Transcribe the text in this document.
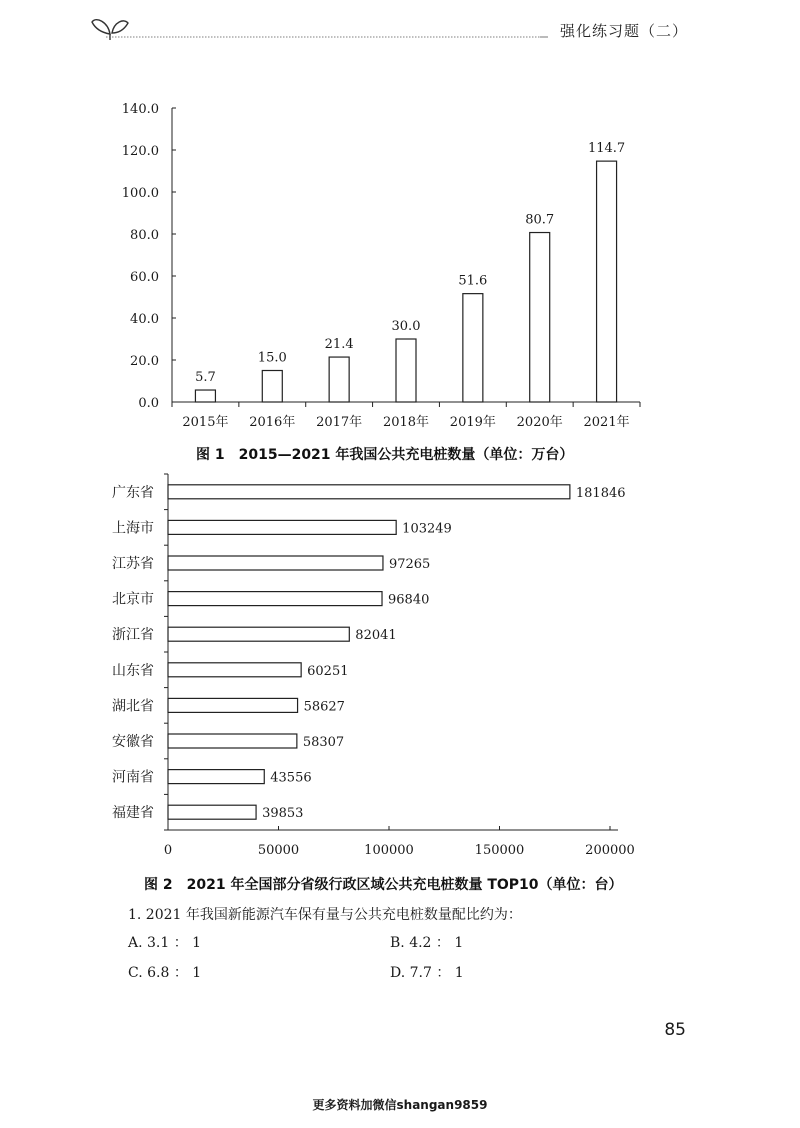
强化练习题（二）
0.0
20.0
40.0
60.0
80.0
100.0
120.0
140.0
5.7
2015年
15.0
2016年
21.4
2017年
30.0
2018年
51.6
2019年
80.7
2020年
114.7
2021年
图 1　2015—2021 年我国公共充电桩数量（单位：万台）
0	50000	100000	150000	200000
181846
广东省
103249
上海市
97265
江苏省
96840
北京市
82041
浙江省
60251
山东省
58627
湖北省
58307
安徽省
43556
河南省
39853
福建省
图 2　2021 年全国部分省级行政区域公共充电桩数量 TOP10（单位：台）
1. 2021 年我国新能源汽车保有量与公共充电桩数量配比约为：
A. 3.1 ： 1	B. 4.2 ： 1
C. 6.8 ： 1	D. 7.7 ： 1
85
更多资料加微信shangan9859
